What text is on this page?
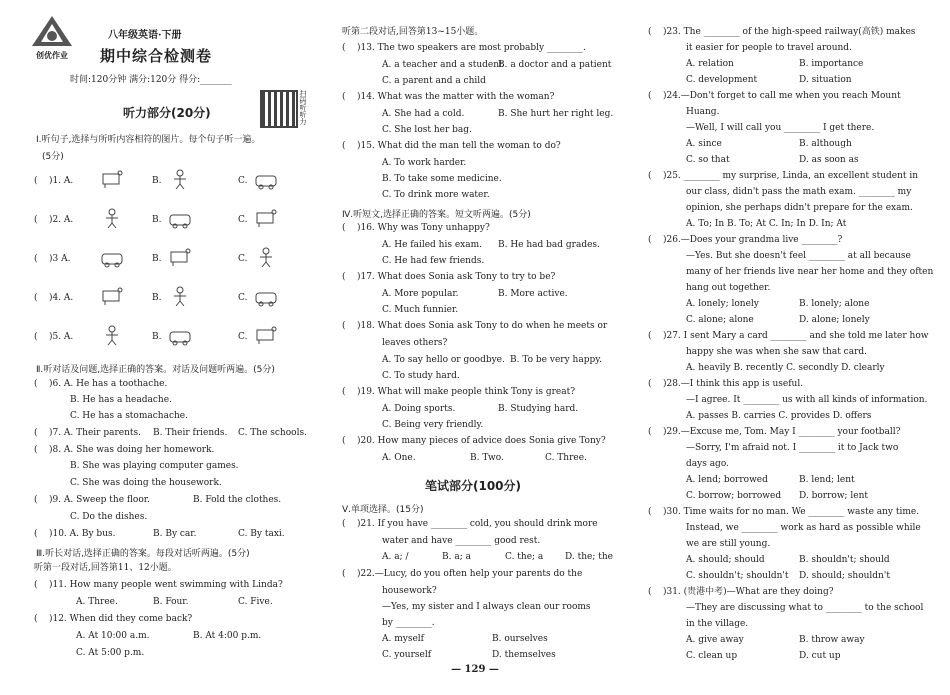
创优作业
八年级英语·下册
期中综合检测卷
时间:120分钟 满分:120分 得分:_______
扫码听听力
听力部分(20分)
Ⅰ.听句子,选择与所听内容相符的图片。每个句子听一遍。
(5分)
(    )1. A.	B.	C.
(    )2. A.	B.	C.
(    )3 A.	B.	C.
(    )4. A.	B.	C.
(    )5. A.	B.	C.
Ⅱ.听对话及问题,选择正确的答案。对话及问题听两遍。(5分)
(    )6. A. He has a toothache.
B. He has a headache.
C. He has a stomachache.
(    )7. A. Their parents. B. Their friends. C. The schools.
(    )8. A. She was doing her homework.
B. She was playing computer games.
C. She was doing the housework.
(    )9. A. Sweep the floor.	B. Fold the clothes.
C. Do the dishes.
(    )10. A. By bus.	B. By car.	C. By taxi.
Ⅲ.听长对话,选择正确的答案。每段对话听两遍。(5分)
听第一段对话,回答第11、12小题。
(    )11. How many people went swimming with Linda?
A. Three.	B. Four.	C. Five.
(    )12. When did they come back?
A. At 10:00 a.m.	B. At 4:00 p.m.
C. At 5:00 p.m.
听第二段对话,回答第13~15小题。
(    )13. The two speakers are most probably ________.
A. a teacher and a student
B. a doctor and a patient
C. a parent and a child
(    )14. What was the matter with the woman?
A. She had a cold.	B. She hurt her right leg.
C. She lost her bag.
(    )15. What did the man tell the woman to do?
A. To work harder.
B. To take some medicine.
C. To drink more water.
Ⅳ.听短文,选择正确的答案。短文听两遍。(5分)
(    )16. Why was Tony unhappy?
A. He failed his exam. B. He had bad grades.
C. He had few friends.
(    )17. What does Sonia ask Tony to try to be?
A. More popular.	B. More active.
C. Much funnier.
(    )18. What does Sonia ask Tony to do when he meets or
leaves others?
A. To say hello or goodbye. B. To be very happy.
C. To study hard.
(    )19. What will make people think Tony is great?
A. Doing sports.	B. Studying hard.
C. Being very friendly.
(    )20. How many pieces of advice does Sonia give Tony?
A. One.	B. Two.	C. Three.
笔试部分(100分)
Ⅴ.单项选择。(15分)
(    )21. If you have ________ cold, you should drink more
water and have ________ good rest.
A. a; /	B. a; a	C. the; a D. the; the
(    )22.—Lucy, do you often help your parents do the
housework?
—Yes, my sister and I always clean our rooms
by ________.
A. myself	B. ourselves
C. yourself	D. themselves
(    )23. The ________ of the high-speed railway(高铁) makes
it easier for people to travel around.
A. relation	B. importance
C. development	D. situation
(    )24.—Don't forget to call me when you reach Mount
Huang.
—Well, I will call you ________ I get there.
A. since	B. although
C. so that	D. as soon as
(    )25. ________ my surprise, Linda, an excellent student in
our class, didn't pass the math exam. ________ my
opinion, she perhaps didn't prepare for the exam.
A. To; In B. To; At C. In; In D. In; At
(    )26.—Does your grandma live ________?
—Yes. But she doesn't feel ________ at all because
many of her friends live near her home and they often
hang out together.
A. lonely; lonely	B. lonely; alone
C. alone; alone	D. alone; lonely
(    )27. I sent Mary a card ________ and she told me later how
happy she was when she saw that card.
A. heavily B. recently C. secondly D. clearly
(    )28.—I think this app is useful.
—I agree. It ________ us with all kinds of information.
A. passes B. carries C. provides D. offers
(    )29.—Excuse me, Tom. May I ________ your football?
—Sorry, I'm afraid not. I ________ it to Jack two
days ago.
A. lend; borrowed	B. lend; lent
C. borrow; borrowed D. borrow; lent
(    )30. Time waits for no man. We ________ waste any time.
Instead, we ________ work as hard as possible while
we are still young.
A. should; should	B. shouldn't; should
C. shouldn't; shouldn't D. should; shouldn't
(    )31. (贵港中考)—What are they doing?
—They are discussing what to ________ to the school
in the village.
A. give away	B. throw away
C. clean up	D. cut up
— 129 —
